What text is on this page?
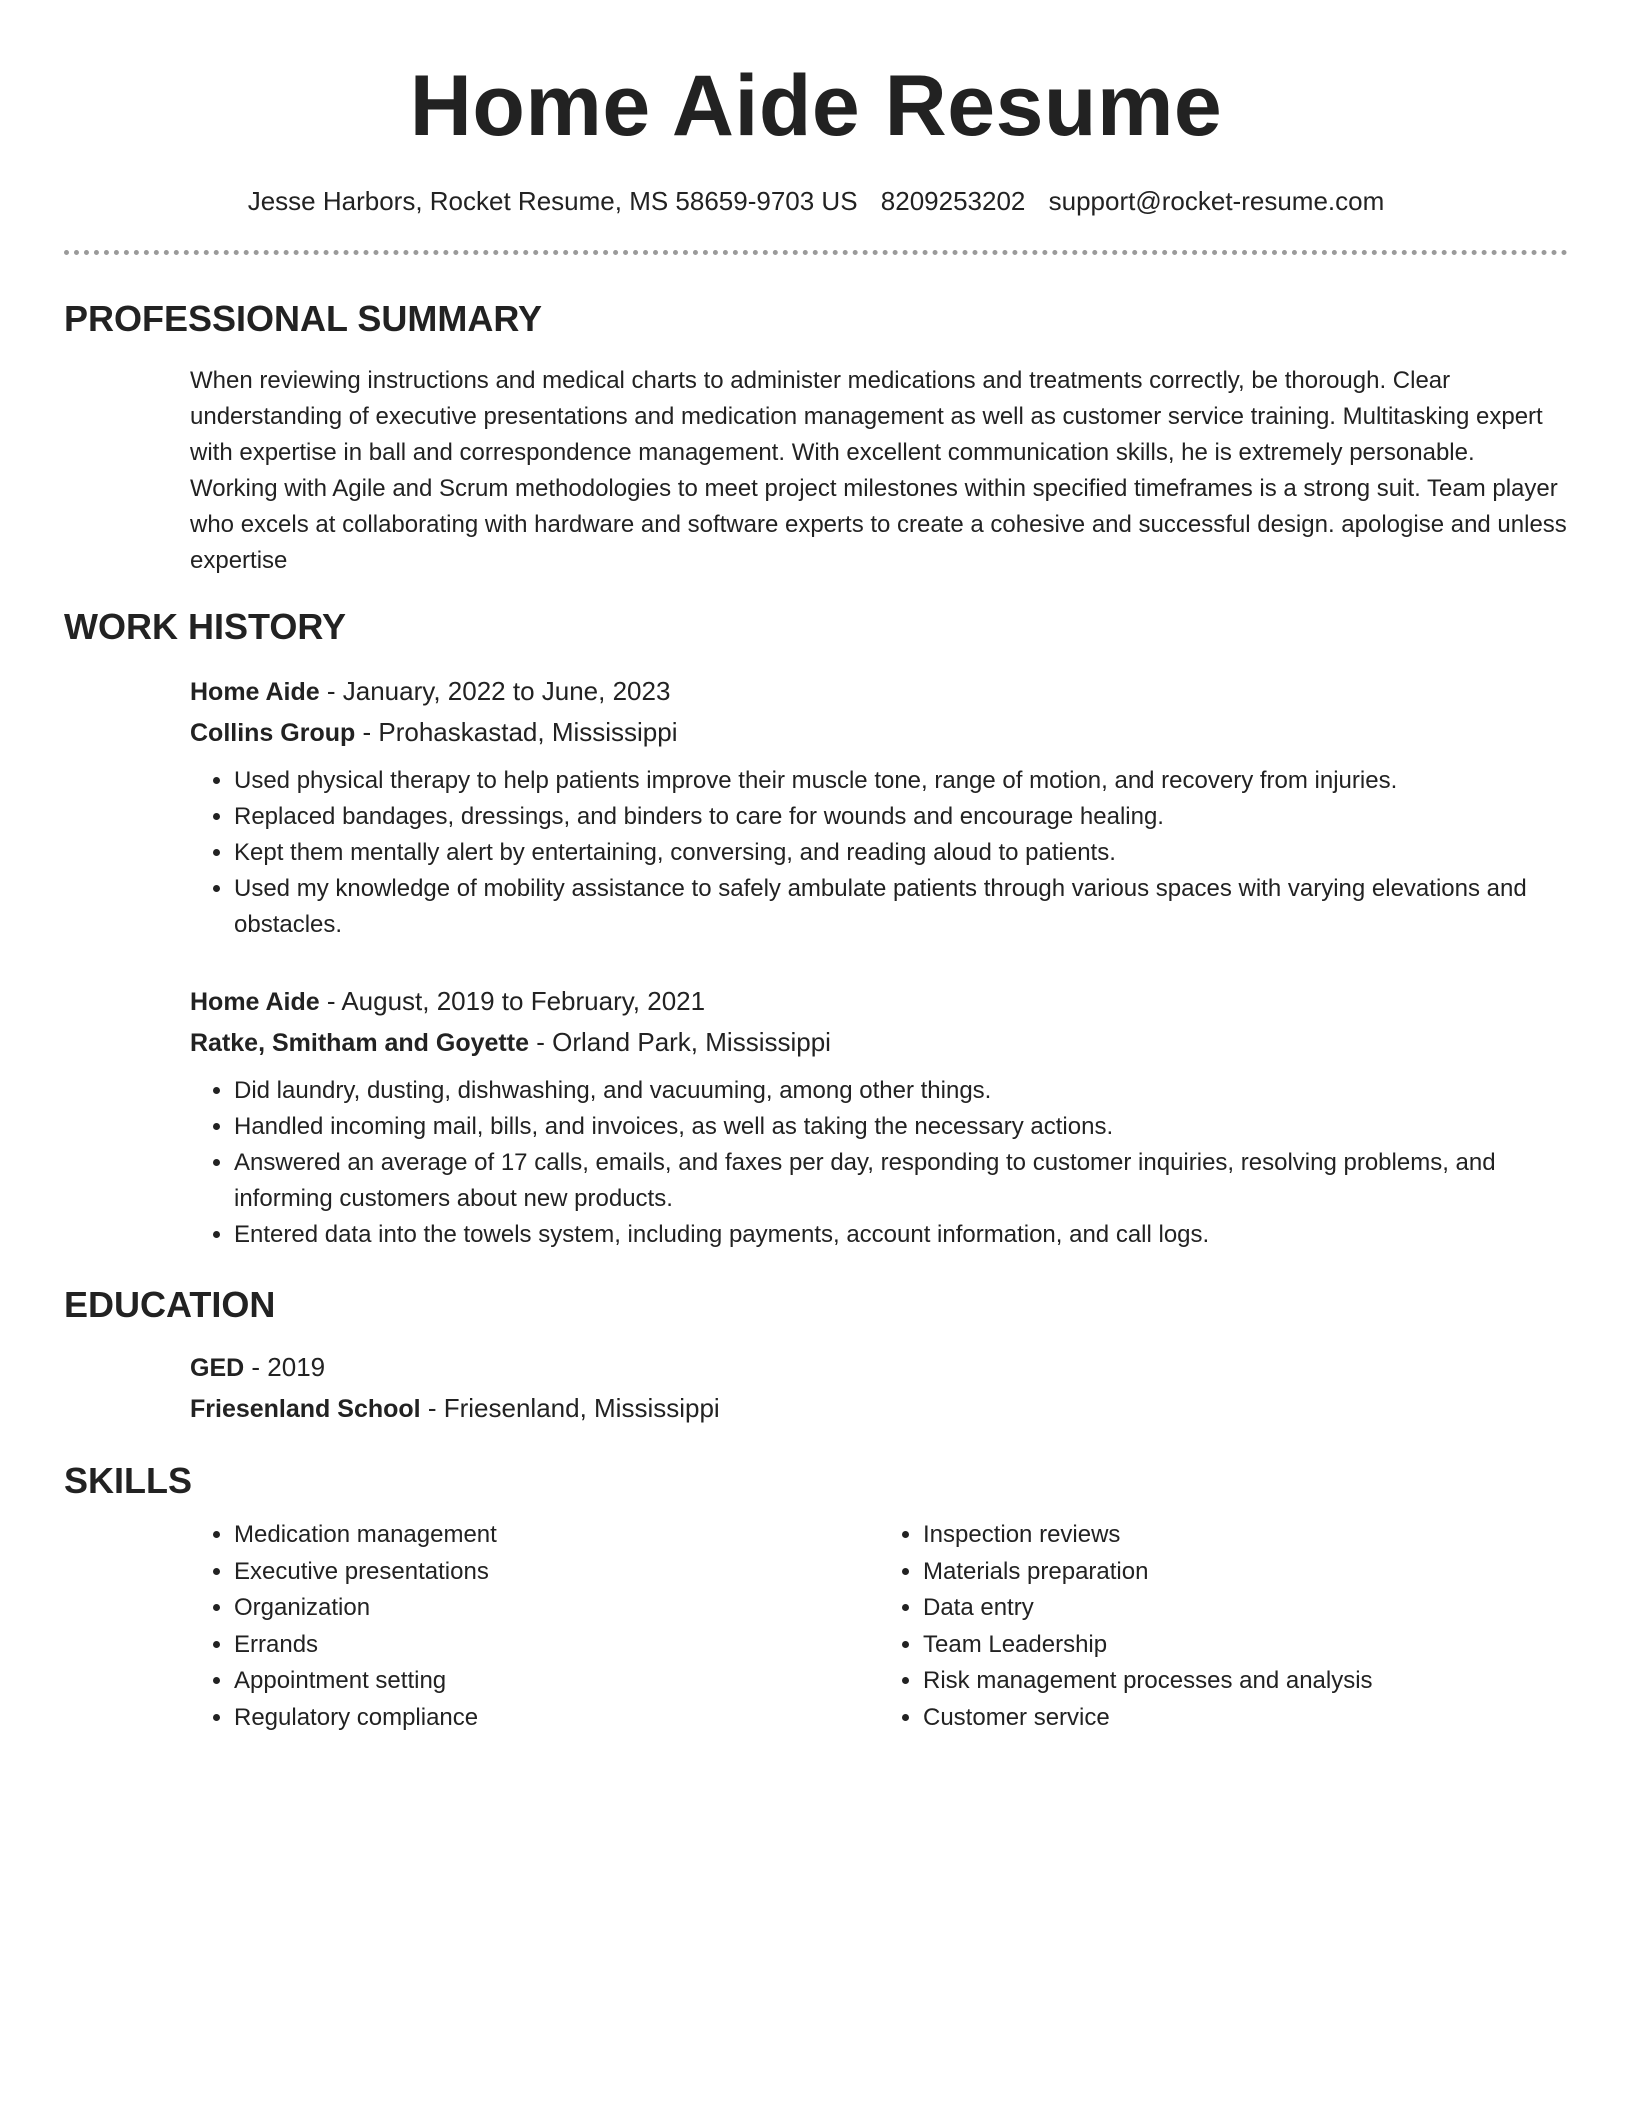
Home Aide Resume
Jesse Harbors, Rocket Resume, MS 58659-9703 US 8209253202 support@rocket-resume.com
PROFESSIONAL SUMMARY

When reviewing instructions and medical charts to administer medications and treatments correctly, be thorough. Clear understanding of executive presentations and medication management as well as customer service training. Multitasking expert with expertise in ball and correspondence management. With excellent communication skills, he is extremely personable. Working with Agile and Scrum methodologies to meet project milestones within specified timeframes is a strong suit. Team player who excels at collaborating with hardware and software experts to create a cohesive and successful design. apologise and unless expertise

WORK HISTORY
Home Aide - January, 2022 to June, 2023
Collins Group - Prohaskastad, Mississippi
• Used physical therapy to help patients improve their muscle tone, range of motion, and recovery from injuries.
• Replaced bandages, dressings, and binders to care for wounds and encourage healing.
• Kept them mentally alert by entertaining, conversing, and reading aloud to patients.
• Used my knowledge of mobility assistance to safely ambulate patients through various spaces with varying elevations and obstacles.
Home Aide - August, 2019 to February, 2021
Ratke, Smitham and Goyette - Orland Park, Mississippi
• Did laundry, dusting, dishwashing, and vacuuming, among other things.
• Handled incoming mail, bills, and invoices, as well as taking the necessary actions.
• Answered an average of 17 calls, emails, and faxes per day, responding to customer inquiries, resolving problems, and informing customers about new products.
• Entered data into the towels system, including payments, account information, and call logs.
EDUCATION
GED - 2019
Friesenland School - Friesenland, Mississippi
SKILLS
• Medication management
• Executive presentations
• Organization
• Errands
• Appointment setting
• Regulatory compliance
• Inspection reviews
• Materials preparation
• Data entry
• Team Leadership
• Risk management processes and analysis
• Customer service
